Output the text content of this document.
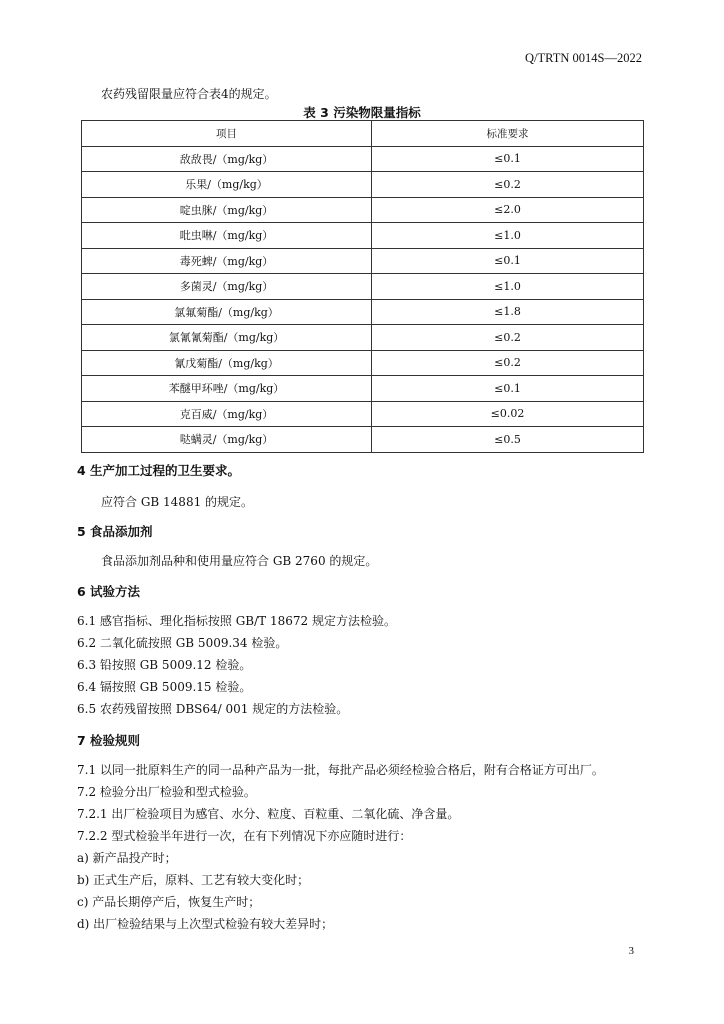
Q/TRTN 0014S—2022
农药残留限量应符合表4的规定。
表 3 污染物限量指标
项目	标准要求
敌敌畏/（mg/kg）	≤0.1
乐果/（mg/kg）	≤0.2
啶虫脒/（mg/kg）	≤2.0
吡虫啉/（mg/kg）	≤1.0
毒死蜱/（mg/kg）	≤0.1
多菌灵/（mg/kg）	≤1.0
氯氟菊酯/（mg/kg）	≤1.8
氯氰氰菊酯/（mg/kg）	≤0.2
氰戊菊酯/（mg/kg）	≤0.2
苯醚甲环唑/（mg/kg）	≤0.1
克百威/（mg/kg）	≤0.02
哒螨灵/（mg/kg）	≤0.5
4 生产加工过程的卫生要求。
应符合 GB 14881 的规定。
5 食品添加剂
食品添加剂品种和使用量应符合 GB 2760 的规定。
6 试验方法
6.1 感官指标、理化指标按照 GB/T 18672 规定方法检验。
6.2 二氧化硫按照 GB 5009.34 检验。
6.3 铅按照 GB 5009.12 检验。
6.4 镉按照 GB 5009.15 检验。
6.5 农药残留按照 DBS64/ 001 规定的方法检验。
7 检验规则
7.1 以同一批原料生产的同一品种产品为一批，每批产品必须经检验合格后，附有合格证方可出厂。
7.2 检验分出厂检验和型式检验。
7.2.1 出厂检验项目为感官、水分、粒度、百粒重、二氧化硫、净含量。
7.2.2 型式检验半年进行一次，在有下列情况下亦应随时进行：
a) 新产品投产时；
b) 正式生产后，原料、工艺有较大变化时；
c) 产品长期停产后，恢复生产时；
d) 出厂检验结果与上次型式检验有较大差异时；
3
